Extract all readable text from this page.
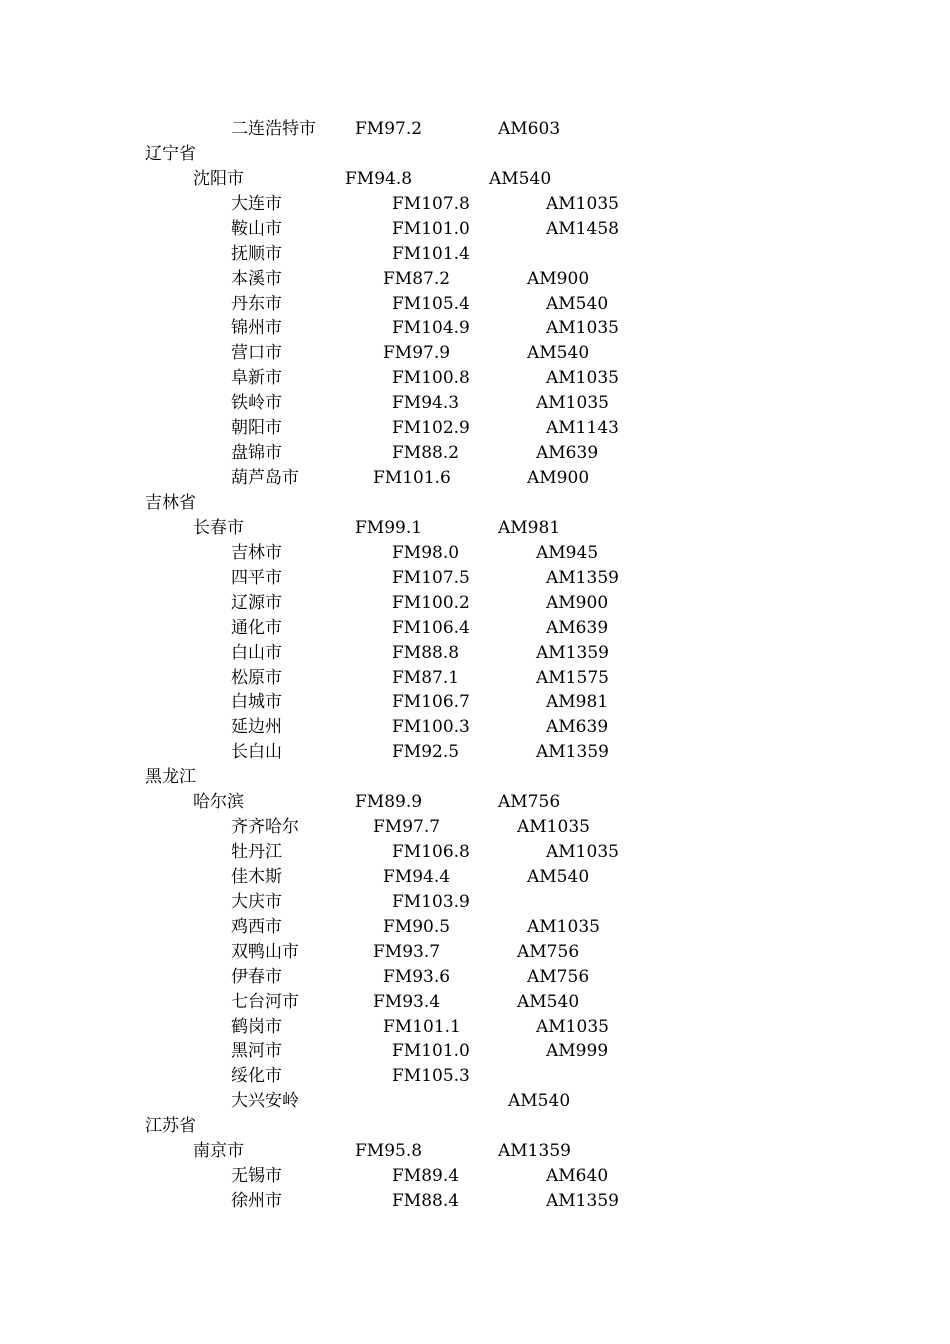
二连浩特市 FM97.2	AM603
辽宁省
沈阳市	FM94.8	AM540
大连市	FM107.8	AM1035
鞍山市	FM101.0	AM1458
抚顺市	FM101.4
本溪市	FM87.2	AM900
丹东市	FM105.4	AM540
锦州市	FM104.9	AM1035
营口市	FM97.9	AM540
阜新市	FM100.8	AM1035
铁岭市	FM94.3	AM1035
朝阳市	FM102.9	AM1143
盘锦市	FM88.2	AM639
葫芦岛市	FM101.6	AM900
吉林省
长春市	FM99.1	AM981
吉林市	FM98.0	AM945
四平市	FM107.5	AM1359
辽源市	FM100.2	AM900
通化市	FM106.4	AM639
白山市	FM88.8	AM1359
松原市	FM87.1	AM1575
白城市	FM106.7	AM981
延边州	FM100.3	AM639
长白山	FM92.5	AM1359
黑龙江
哈尔滨	FM89.9	AM756
齐齐哈尔	FM97.7	AM1035
牡丹江	FM106.8	AM1035
佳木斯	FM94.4	AM540
大庆市	FM103.9
鸡西市	FM90.5	AM1035
双鸭山市	FM93.7	AM756
伊春市	FM93.6	AM756
七台河市	FM93.4	AM540
鹤岗市	FM101.1	AM1035
黑河市	FM101.0	AM999
绥化市	FM105.3
大兴安岭	AM540
江苏省
南京市	FM95.8	AM1359
无锡市	FM89.4	AM640
徐州市	FM88.4	AM1359
